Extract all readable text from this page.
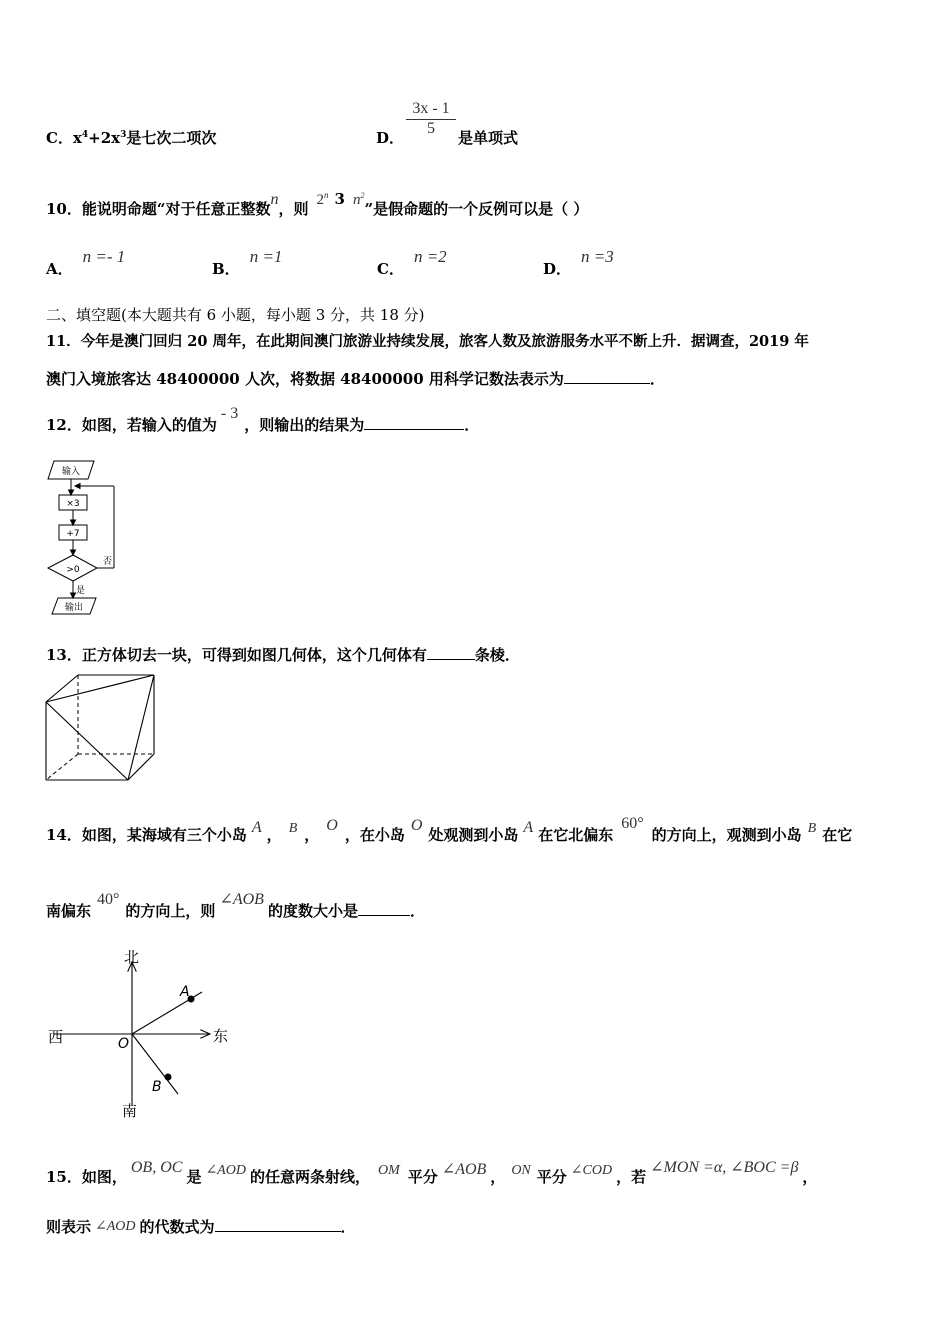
C．$x^4+2x^3$是七次二项次	D． $\frac{3x - 1}{5}$ 是单项式
10．能说明命题“对于任意正整数n，则 2$^n$ 3 $n^2$”是假命题的一个反例可以是（ ）
A．n =- 1
B．n =1
C．n =2
D．n =3
二、填空题(本大题共有 6 小题，每小题 3 分，共 18 分)
11．今年是澳门回归 20 周年，在此期间澳门旅游业持续发展，旅客人数及旅游服务水平不断上升．据调查，2019 年
澳门入境旅客达 48400000 人次，将数据 48400000 用科学记数法表示为	．
12．如图，若输入的值为- 3，则输出的结果为	．
输入
×3
+7
>0
否
是
输出
13．正方体切去一块，可得到如图几何体，这个几何体有	条棱．
14．如图，某海域有三个小岛 A ， B ，O，在小岛O处观测到小岛 A 在它北偏东60°的方向上，观测到小岛 B 在它
南偏东40°的方向上，则∠AOB的度数大小是	．
北
南
东
西	O
A
B
15．如图，OB, OC是 ∠AOD 的任意两条射线， OM 平分 ∠AOB ， ON 平分 ∠COD ，若∠MON =α, ∠BOC =β，
则表示 ∠AOD 的代数式为	．
